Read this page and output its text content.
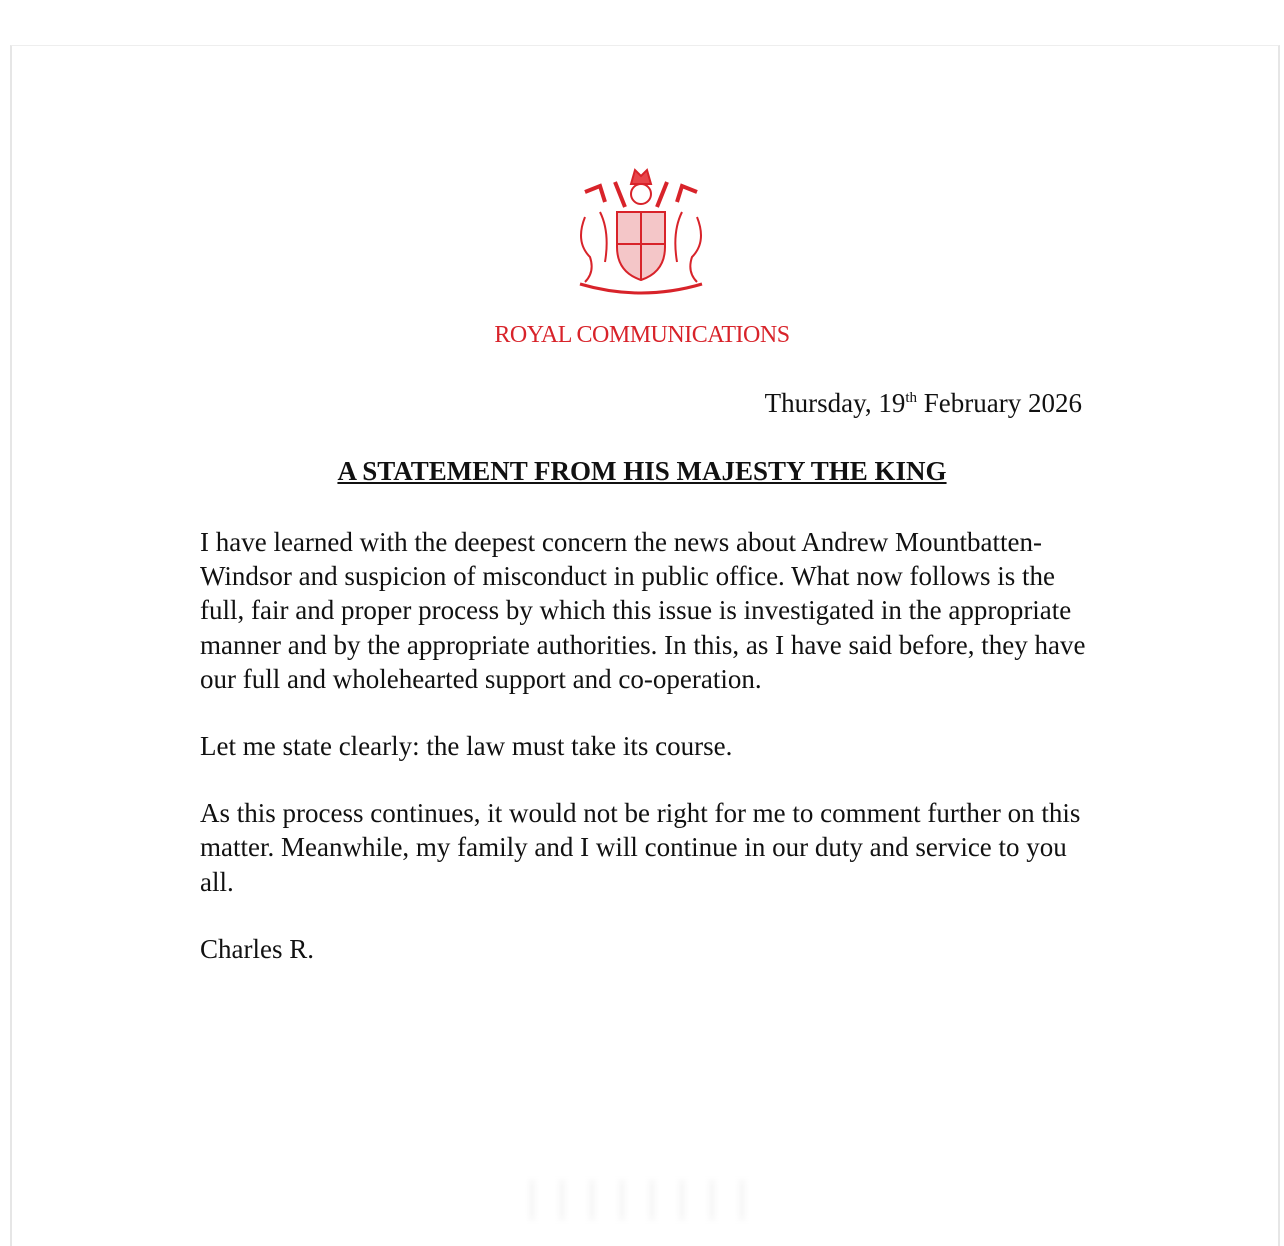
ROYAL COMMUNICATIONS
Thursday, 19th February 2026
A STATEMENT FROM HIS MAJESTY THE KING

I have learned with the deepest concern the news about Andrew Mountbatten-Windsor and suspicion of misconduct in public office. What now follows is the full, fair and proper process by which this issue is investigated in the appropriate manner and by the appropriate authorities. In this, as I have said before, they have our full and wholehearted support and co-operation.

Let me state clearly: the law must take its course.

As this process continues, it would not be right for me to comment further on this matter. Meanwhile, my family and I will continue in our duty and service to you all.

Charles R.
